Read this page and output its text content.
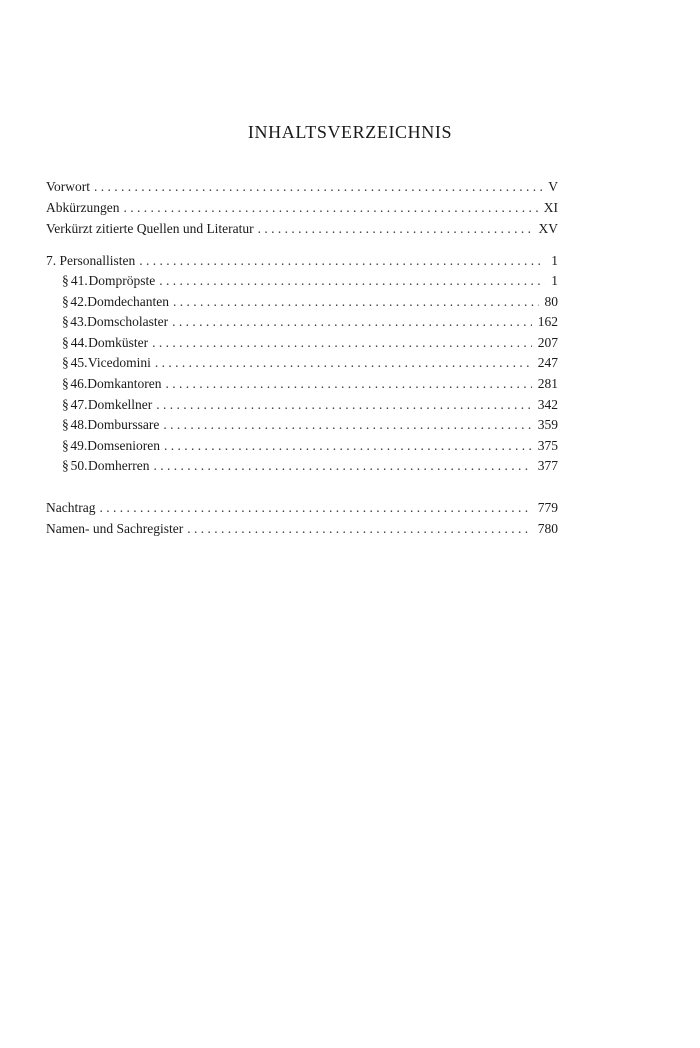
INHALTSVERZEICHNIS
Vorwort . . .	V
Abkürzungen . . .	XI
Verkürzt zitierte Quellen und Literatur . . .	XV
7. Personallisten . . .	1
§ 41. Dompröpste . . .	1
§ 42. Domdechanten . . .	80
§ 43. Domscholaster . . .	162
§ 44. Domküster . . .	207
§ 45. Vicedomini . . .	247
§ 46. Domkantoren . . .	281
§ 47. Domkellner . . .	342
§ 48. Domburssare . . .	359
§ 49. Domsenioren . . .	375
§ 50. Domherren . . .	377
Nachtrag . . .	779
Namen- und Sachregister . . .	780
